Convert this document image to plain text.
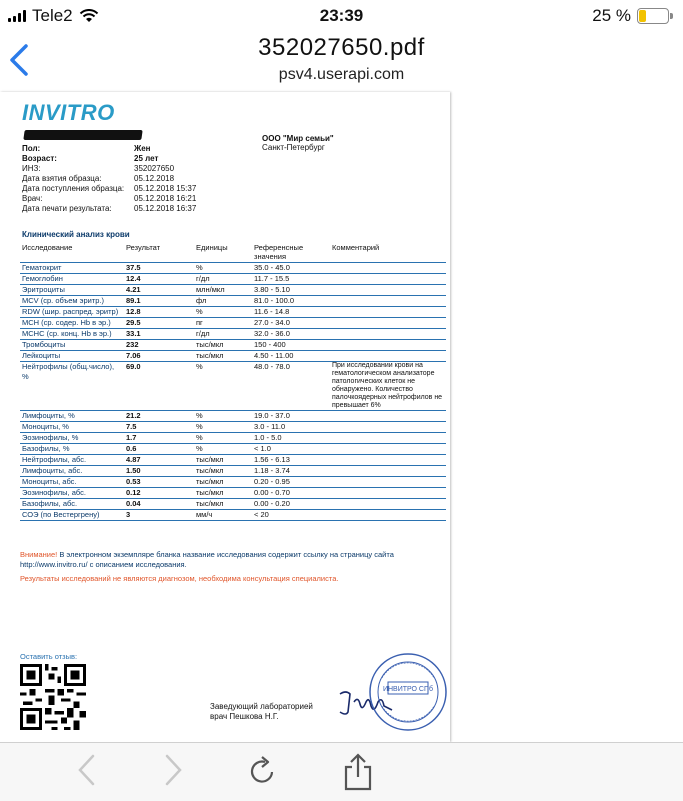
Tele2	23:39	25 %
352027650.pdf
psv4.userapi.com
INVITRO
Пол:	Жен
Возраст:	25 лет
ИНЗ:	352027650
Дата взятия образца:	05.12.2018
Дата поступления образца: 05.12.2018 15:37
Врач:	05.12.2018 16:21
Дата печати результата:	05.12.2018 16:37
ООО "Мир семьи"
Санкт-Петербург
Клинический анализ крови
Исследование	Результат	Единицы	Референсные значения	Комментарий
Гематокрит	37.5	%	35.0 - 45.0	
Гемоглобин	12.4	г/дл	11.7 - 15.5	
Эритроциты	4.21	млн/мкл	3.80 - 5.10	
MCV (ср. объем эритр.)	89.1	фл	81.0 - 100.0	
RDW (шир. распред. эритр)	12.8	%	11.6 - 14.8	
MCH (ср. содер. Hb в эр.)	29.5	пг	27.0 - 34.0	
MCHC (ср. конц. Hb в эр.)	33.1	г/дл	32.0 - 36.0	
Тромбоциты	232	тыс/мкл	150 - 400	
Лейкоциты	7.06	тыс/мкл	4.50 - 11.00	
Нейтрофилы (общ.число), %	69.0	%	48.0 - 78.0	При исследовании крови на гематологическом анализаторе патологических клеток не обнаружено. Количество палочкоядерных нейтрофилов не превышает 6%
Лимфоциты, %	21.2	%	19.0 - 37.0	
Моноциты, %	7.5	%	3.0 - 11.0	
Эозинофилы, %	1.7	%	1.0 - 5.0	
Базофилы, %	0.6	%	< 1.0	
Нейтрофилы, абс.	4.87	тыс/мкл	1.56 - 6.13	
Лимфоциты, абс.	1.50	тыс/мкл	1.18 - 3.74	
Моноциты, абс.	0.53	тыс/мкл	0.20 - 0.95	
Эозинофилы, абс.	0.12	тыс/мкл	0.00 - 0.70	
Базофилы, абс.	0.04	тыс/мкл	0.00 - 0.20	
СОЭ (по Вестергрену)	3	мм/ч	< 20	
Внимание! В электронном экземпляре бланка название исследования содержит ссылку на страницу сайта http://www.invitro.ru/ с описанием исследования.
Результаты исследований не являются диагнозом, необходима консультация специалиста.
Оставить отзыв:
Заведующий лабораторией
врач Пешкова Н.Г.
ИНВИТРО СПб
